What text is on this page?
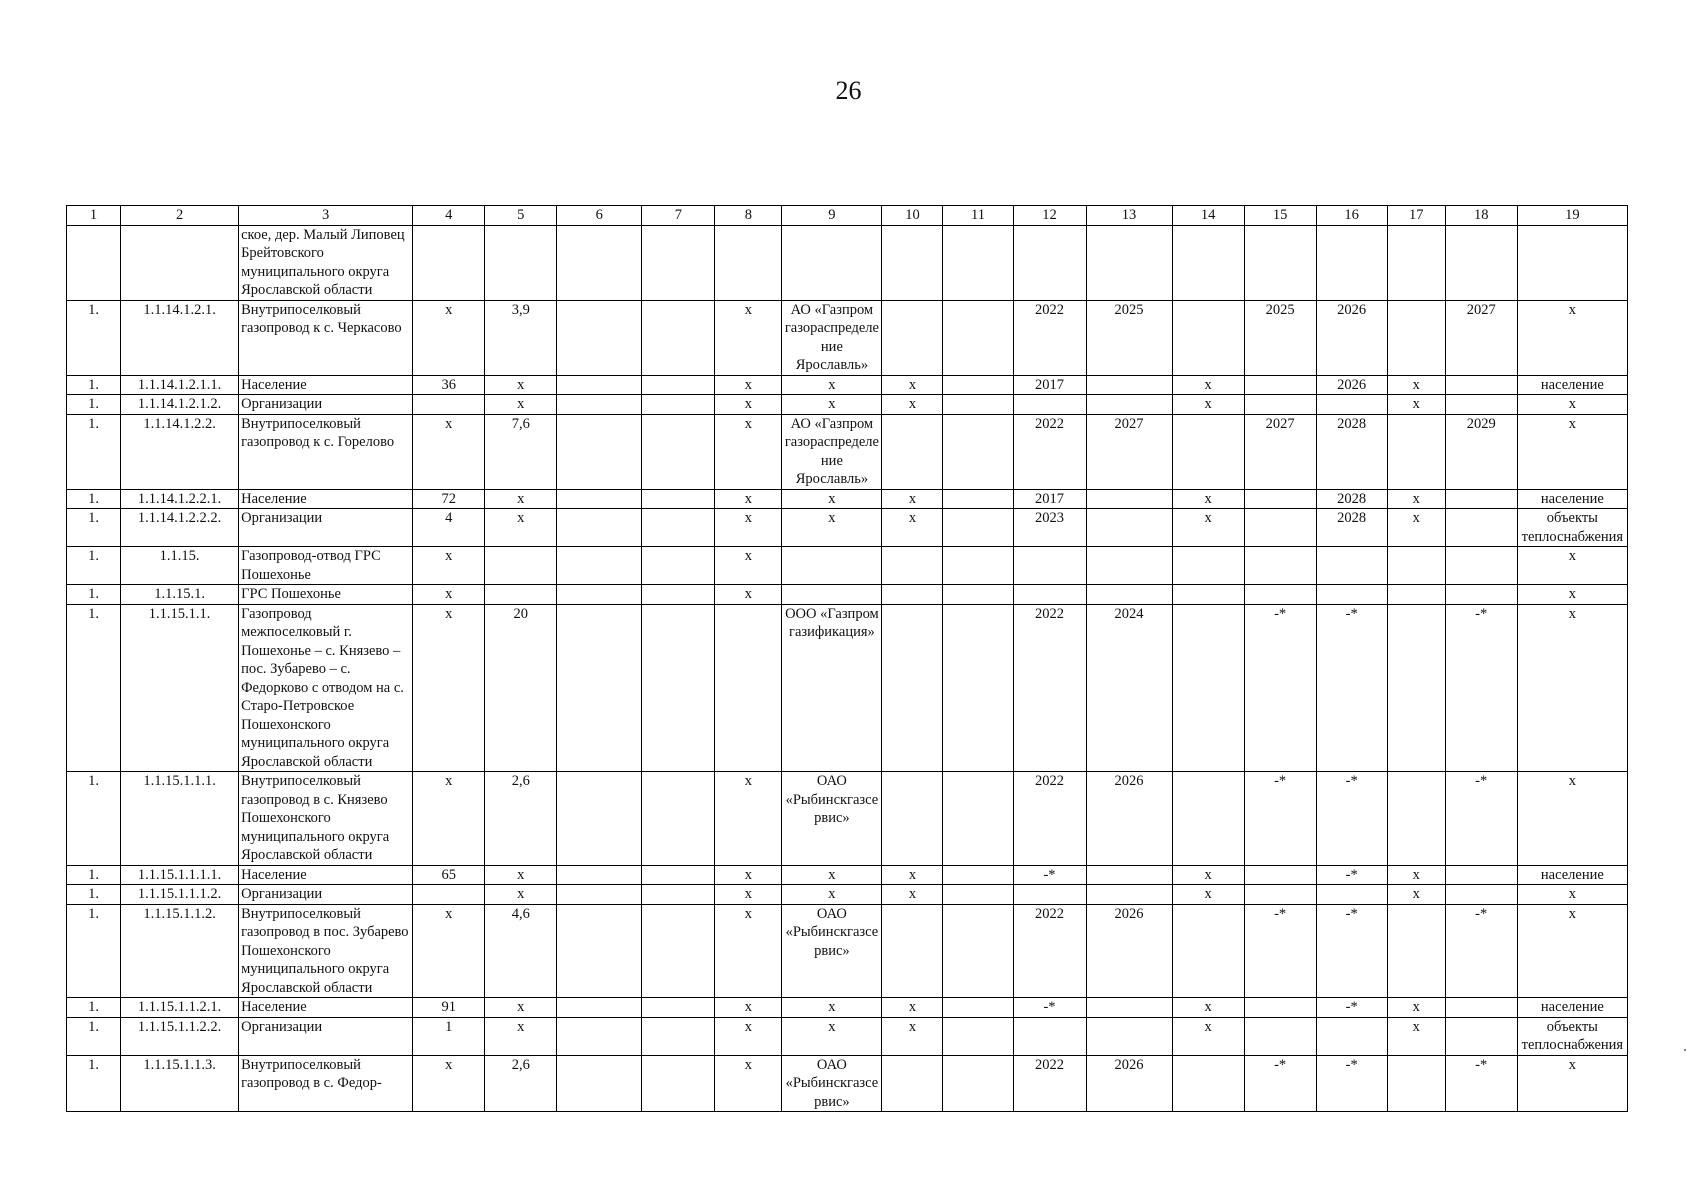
26
1	2	3	4	5	6	7	8	9	10	11	12	13	14	15	16	17	18	19
		ское, дер. Малый Липовец Брейтовского муниципального округа Ярославской области																
1.	1.1.14.1.2.1.	Внутрипоселковый газопровод к с. Черкасово	х	3,9			х	АО «Газпром газораспределение Ярославль»			2022	2025		2025	2026		2027	х
1.	1.1.14.1.2.1.1.	Население	36	х			х	х	х		2017		х		2026	х		население
1.	1.1.14.1.2.1.2.	Организации		х			х	х	х				х			х		х
1.	1.1.14.1.2.2.	Внутрипоселковый газопровод к с. Горелово	х	7,6			х	АО «Газпром газораспределение Ярославль»			2022	2027		2027	2028		2029	х
1.	1.1.14.1.2.2.1.	Население	72	х			х	х	х		2017		х		2028	х		население
1.	1.1.14.1.2.2.2.	Организации	4	х			х	х	х		2023		х		2028	х		объекты теплоснабжения
1.	1.1.15.	Газопровод-отвод ГРС Пошехонье	х				х											х
1.	1.1.15.1.	ГРС Пошехонье	х				х											х
1.	1.1.15.1.1.	Газопровод межпоселковый г. Пошехонье – с. Князево – пос. Зубарево – с. Федорково с отводом на с. Старо-Петровское Пошехонского муниципального округа Ярославской области	х	20				ООО «Газпром газификация»			2022	2024		-*	-*		-*	х
1.	1.1.15.1.1.1.	Внутрипоселковый газопровод в с. Князево Пошехонского муниципального округа Ярославской области	х	2,6			х	ОАО «Рыбинскгазсервис»			2022	2026		-*	-*		-*	х
1.	1.1.15.1.1.1.1.	Население	65	х			х	х	х		-*		х		-*	х		население
1.	1.1.15.1.1.1.2.	Организации		х			х	х	х				х			х		х
1.	1.1.15.1.1.2.	Внутрипоселковый газопровод в пос. Зубарево Пошехонского муниципального округа Ярославской области	х	4,6			х	ОАО «Рыбинскгазсервис»			2022	2026		-*	-*		-*	х
1.	1.1.15.1.1.2.1.	Население	91	х			х	х	х		-*		х		-*	х		население
1.	1.1.15.1.1.2.2.	Организации	1	х			х	х	х				х			х		объекты теплоснабжения
1.	1.1.15.1.1.3.	Внутрипоселковый газопровод в с. Федор-	х	2,6			х	ОАО «Рыбинскгазсервис»			2022	2026		-*	-*		-*	х
